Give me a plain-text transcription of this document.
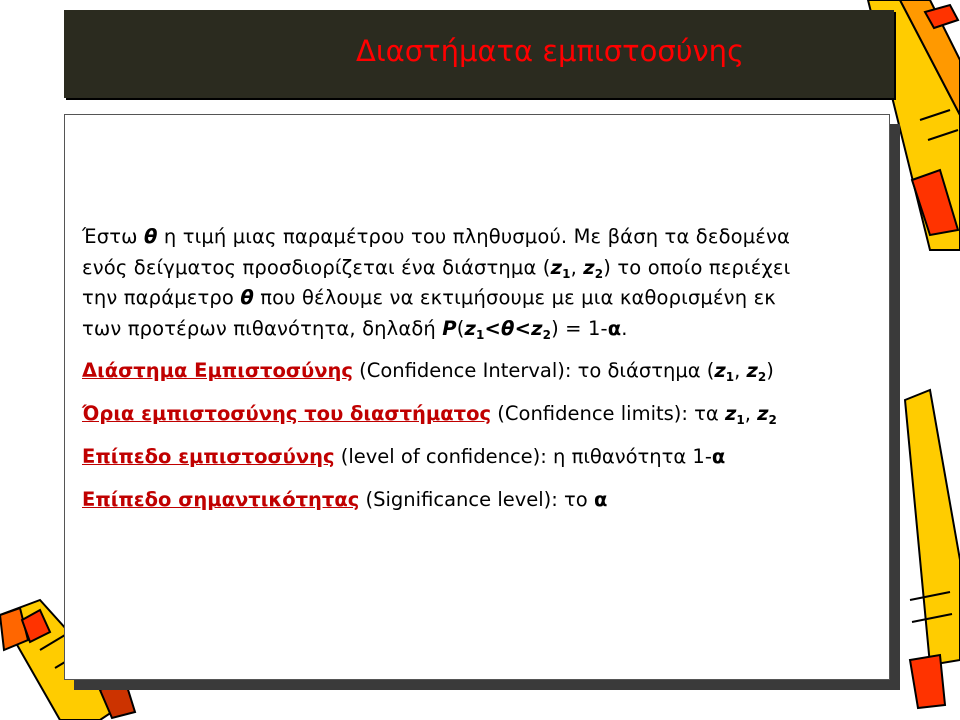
Διαστήματα εμπιστοσύνης
Έστω θ η τιμή μιας παραμέτρου του πληθυσμού. Με βάση τα δεδομένα
ενός δείγματος προσδιορίζεται ένα διάστημα ($z_1$, $z_2$) το οποίο περιέχει
την παράμετρο θ που θέλουμε να εκτιμήσουμε με μια καθορισμένη εκ
των προτέρων πιθανότητα, δηλαδή $P(z_1<\theta<z_2) = 1-\alpha$.
Διάστημα Εμπιστοσύνης (Confidence Interval): το διάστημα ($z_1$, $z_2$)
Όρια εμπιστοσύνης του διαστήματος (Confidence limits): τα $z_1$, $z_2$
Επίπεδο εμπιστοσύνης (level of confidence): η πιθανότητα 1-α
Επίπεδο σημαντικότητας (Significance level): το α
